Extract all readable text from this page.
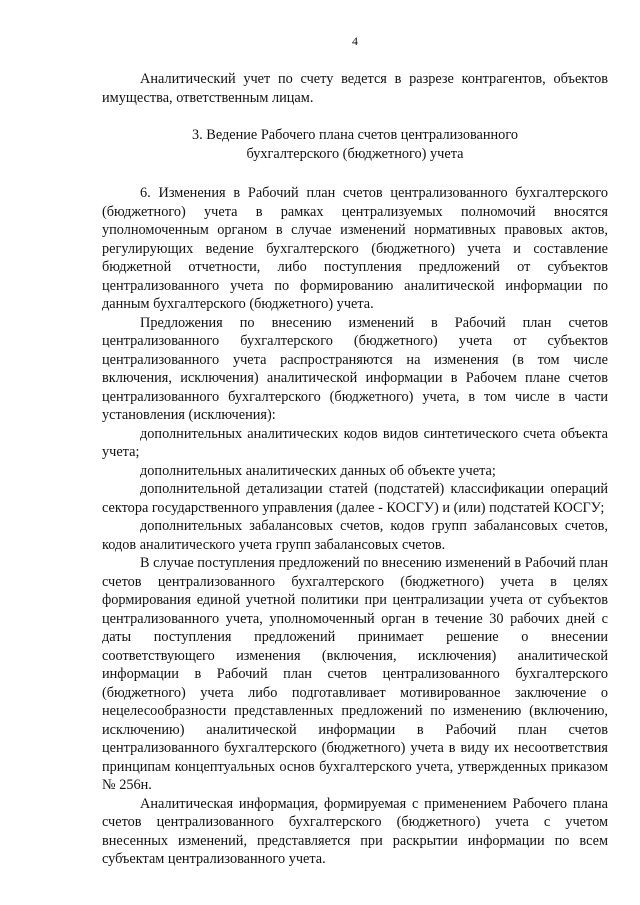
4

Аналитический учет по счету ведется в разрезе контрагентов, объектов имущества, ответственным лицам.

3. Ведение Рабочего плана счетов централизованного
бухгалтерского (бюджетного) учета

6. Изменения в Рабочий план счетов централизованного бухгалтерского (бюджетного) учета в рамках централизуемых полномочий вносятся уполномоченным органом в случае изменений нормативных правовых актов, регулирующих ведение бухгалтерского (бюджетного) учета и составление бюджетной отчетности, либо поступления предложений от субъектов централизованного учета по формированию аналитической информации по данным бухгалтерского (бюджетного) учета.

Предложения по внесению изменений в Рабочий план счетов централизованного бухгалтерского (бюджетного) учета от субъектов централизованного учета распространяются на изменения (в том числе включения, исключения) аналитической информации в Рабочем плане счетов централизованного бухгалтерского (бюджетного) учета, в том числе в части установления (исключения):

дополнительных аналитических кодов видов синтетического счета объекта учета;

дополнительных аналитических данных об объекте учета;

дополнительной детализации статей (подстатей) классификации операций сектора государственного управления (далее - КОСГУ) и (или) подстатей КОСГУ;

дополнительных забалансовых счетов, кодов групп забалансовых счетов, кодов аналитического учета групп забалансовых счетов.

В случае поступления предложений по внесению изменений в Рабочий план счетов централизованного бухгалтерского (бюджетного) учета в целях формирования единой учетной политики при централизации учета от субъектов централизованного учета, уполномоченный орган в течение 30 рабочих дней с даты поступления предложений принимает решение о внесении соответствующего изменения (включения, исключения) аналитической информации в Рабочий план счетов централизованного бухгалтерского (бюджетного) учета либо подготавливает мотивированное заключение о нецелесообразности представленных предложений по изменению (включению, исключению) аналитической информации в Рабочий план счетов централизованного бухгалтерского (бюджетного) учета в виду их несоответствия принципам концептуальных основ бухгалтерского учета, утвержденных приказом № 256н.

Аналитическая информация, формируемая с применением Рабочего плана счетов централизованного бухгалтерского (бюджетного) учета с учетом внесенных изменений, представляется при раскрытии информации по всем субъектам централизованного учета.
